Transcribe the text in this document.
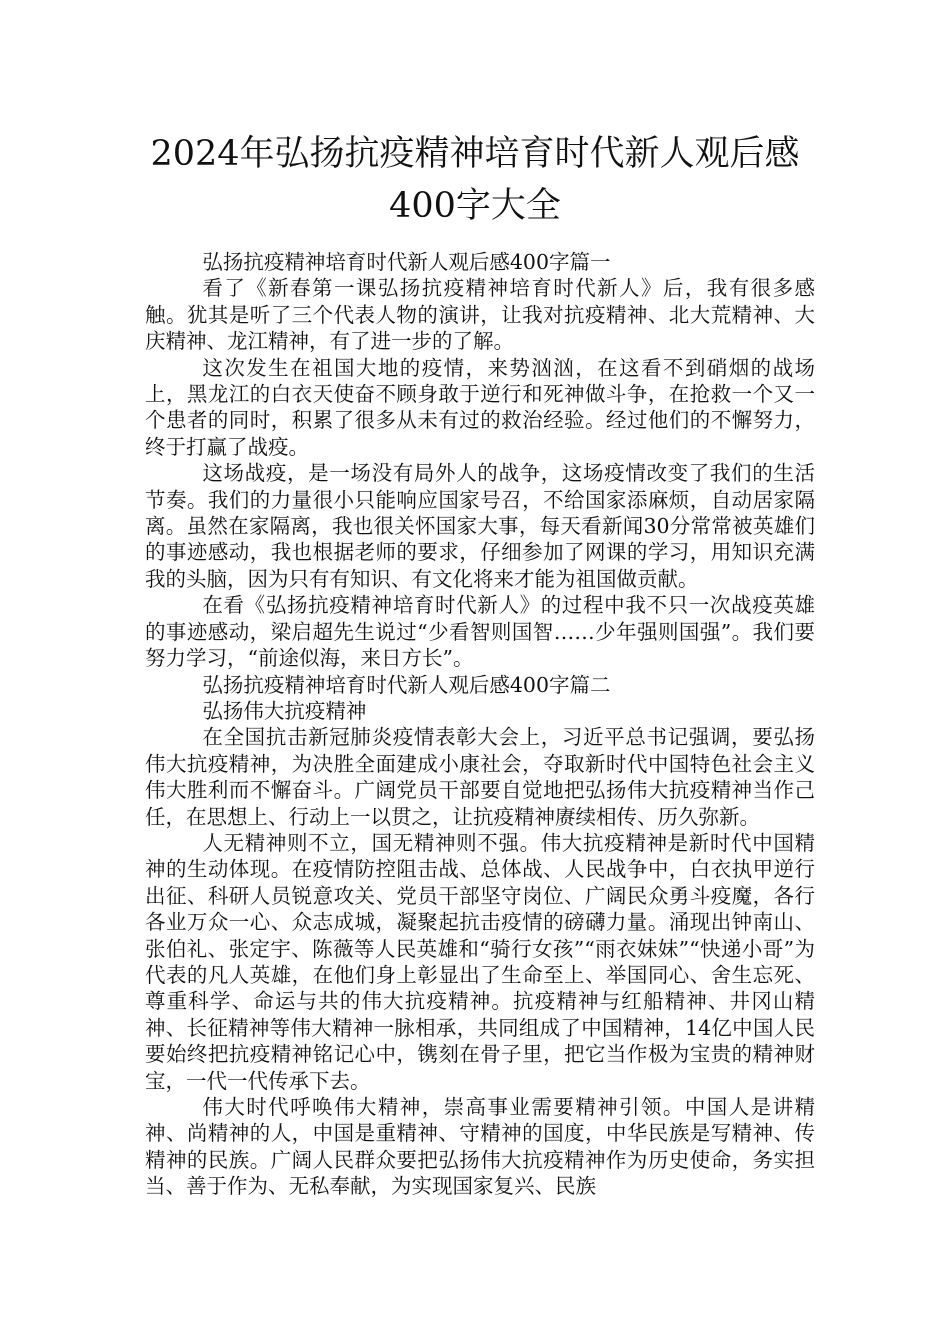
2024年弘扬抗疫精神培育时代新人观后感
400字大全

弘扬抗疫精神培育时代新人观后感400字篇一

看了《新春第一课弘扬抗疫精神培育时代新人》后，我有很多感触。犹其是听了三个代表人物的演讲，让我对抗疫精神、北大荒精神、大庆精神、龙江精神，有了进一步的了解。

这次发生在祖国大地的疫情，来势汹汹，在这看不到硝烟的战场上，黑龙江的白衣天使奋不顾身敢于逆行和死神做斗争，在抢救一个又一个患者的同时，积累了很多从未有过的救治经验。经过他们的不懈努力，终于打赢了战疫。

这场战疫，是一场没有局外人的战争，这场疫情改变了我们的生活节奏。我们的力量很小只能响应国家号召，不给国家添麻烦，自动居家隔离。虽然在家隔离，我也很关怀国家大事，每天看新闻30分常常被英雄们的事迹感动，我也根据老师的要求，仔细参加了网课的学习，用知识充满我的头脑，因为只有有知识、有文化将来才能为祖国做贡献。

在看《弘扬抗疫精神培育时代新人》的过程中我不只一次战疫英雄的事迹感动，梁启超先生说过“少看智则国智……少年强则国强”。我们要努力学习，“前途似海，来日方长”。

弘扬抗疫精神培育时代新人观后感400字篇二

弘扬伟大抗疫精神

在全国抗击新冠肺炎疫情表彰大会上，习近平总书记强调，要弘扬伟大抗疫精神，为决胜全面建成小康社会，夺取新时代中国特色社会主义伟大胜利而不懈奋斗。广阔党员干部要自觉地把弘扬伟大抗疫精神当作己任，在思想上、行动上一以贯之，让抗疫精神赓续相传、历久弥新。

人无精神则不立，国无精神则不强。伟大抗疫精神是新时代中国精神的生动体现。在疫情防控阻击战、总体战、人民战争中，白衣执甲逆行出征、科研人员锐意攻关、党员干部坚守岗位、广阔民众勇斗疫魔，各行各业万众一心、众志成城，凝聚起抗击疫情的磅礴力量。涌现出钟南山、张伯礼、张定宇、陈薇等人民英雄和“骑行女孩”“雨衣妹妹”“快递小哥”为代表的凡人英雄，在他们身上彰显出了生命至上、举国同心、舍生忘死、尊重科学、命运与共的伟大抗疫精神。抗疫精神与红船精神、井冈山精神、长征精神等伟大精神一脉相承，共同组成了中国精神，14亿中国人民要始终把抗疫精神铭记心中，镌刻在骨子里，把它当作极为宝贵的精神财宝，一代一代传承下去。

伟大时代呼唤伟大精神，崇高事业需要精神引领。中国人是讲精神、尚精神的人，中国是重精神、守精神的国度，中华民族是写精神、传精神的民族。广阔人民群众要把弘扬伟大抗疫精神作为历史使命，务实担当、善于作为、无私奉献，为实现国家复兴、民族
